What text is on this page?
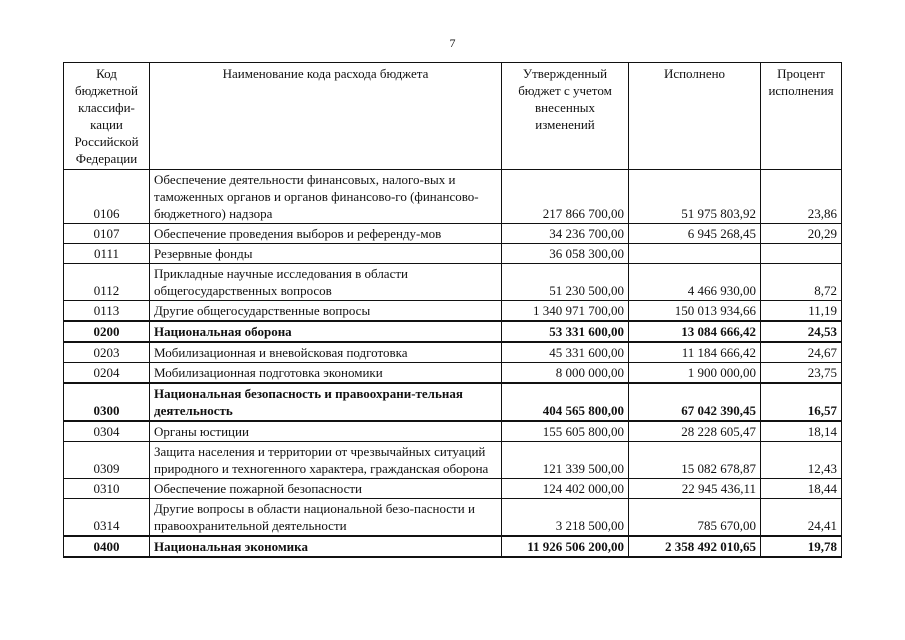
7
Код бюджетной классифи-кации Российской Федерации	Наименование кода расхода бюджета	Утвержденный бюджет с учетом внесенных изменений	Исполнено	Процент исполнения
0106	Обеспечение деятельности финансовых, налого-вых и таможенных органов и органов финансово-го (финансово-бюджетного) надзора	217 866 700,00	51 975 803,92	23,86
0107	Обеспечение проведения выборов и референду-мов	34 236 700,00	6 945 268,45	20,29
0111	Резервные фонды	36 058 300,00		
0112	Прикладные научные исследования в области общегосударственных вопросов	51 230 500,00	4 466 930,00	8,72
0113	Другие общегосударственные вопросы	1 340 971 700,00	150 013 934,66	11,19
0200	Национальная оборона	53 331 600,00	13 084 666,42	24,53
0203	Мобилизационная и вневойсковая подготовка	45 331 600,00	11 184 666,42	24,67
0204	Мобилизационная подготовка экономики	8 000 000,00	1 900 000,00	23,75
0300	Национальная безопасность и правоохрани-тельная деятельность	404 565 800,00	67 042 390,45	16,57
0304	Органы юстиции	155 605 800,00	28 228 605,47	18,14
0309	Защита населения и территории от чрезвычайных ситуаций природного и техногенного характера, гражданская оборона	121 339 500,00	15 082 678,87	12,43
0310	Обеспечение пожарной безопасности	124 402 000,00	22 945 436,11	18,44
0314	Другие вопросы в области национальной безо-пасности и правоохранительной деятельности	3 218 500,00	785 670,00	24,41
0400	Национальная экономика	11 926 506 200,00	2 358 492 010,65	19,78
